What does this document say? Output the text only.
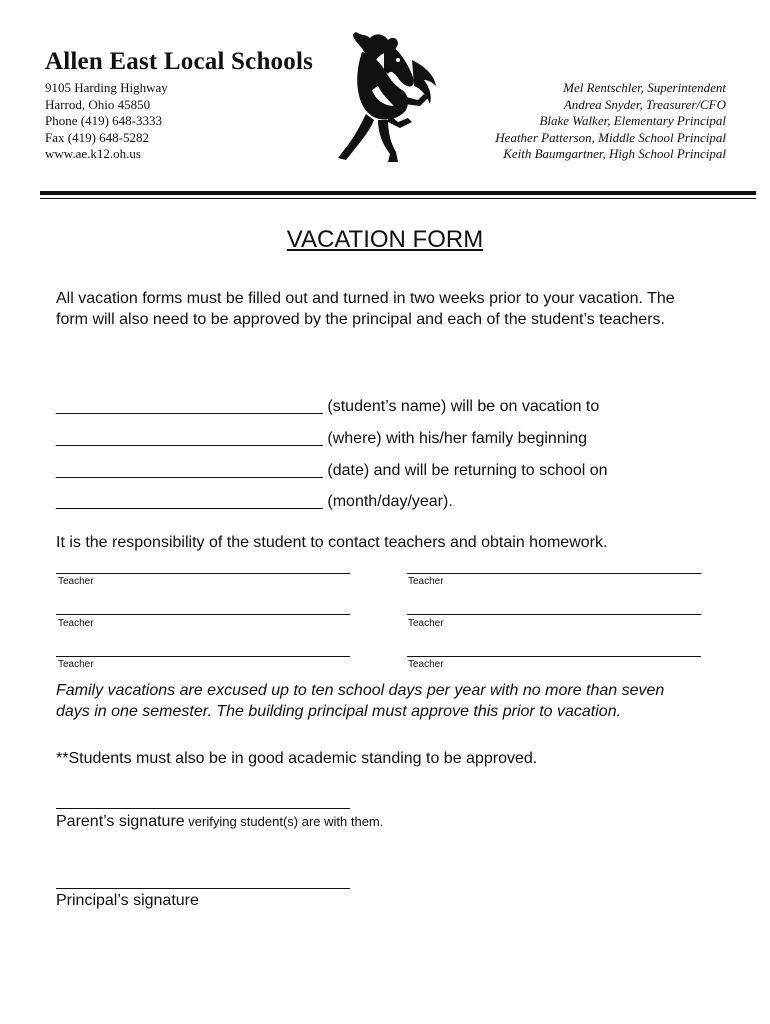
Allen East Local Schools
9105 Harding Highway
Harrod, Ohio 45850
Phone (419) 648-3333
Fax (419) 648-5282
www.ae.k12.oh.us
Mel Rentschler, Superintendent
Andrea Snyder, Treasurer/CFO
Blake Walker, Elementary Principal
Heather Patterson, Middle School Principal
Keith Baumgartner, High School Principal
VACATION FORM
All vacation forms must be filled out and turned in two weeks prior to your vacation. The form will also need to be approved by the principal and each of the student’s teachers.
______________________________ (student’s name) will be on vacation to
______________________________ (where) with his/her family beginning
______________________________ (date) and will be returning to school on
______________________________ (month/day/year).
It is the responsibility of the student to contact teachers and obtain homework.
Teacher	Teacher
Teacher	Teacher
Teacher	Teacher
Family vacations are excused up to ten school days per year with no more than seven days in one semester. The building principal must approve this prior to vacation.
**Students must also be in good academic standing to be approved.
Parent’s signature verifying student(s) are with them.
Principal’s signature
